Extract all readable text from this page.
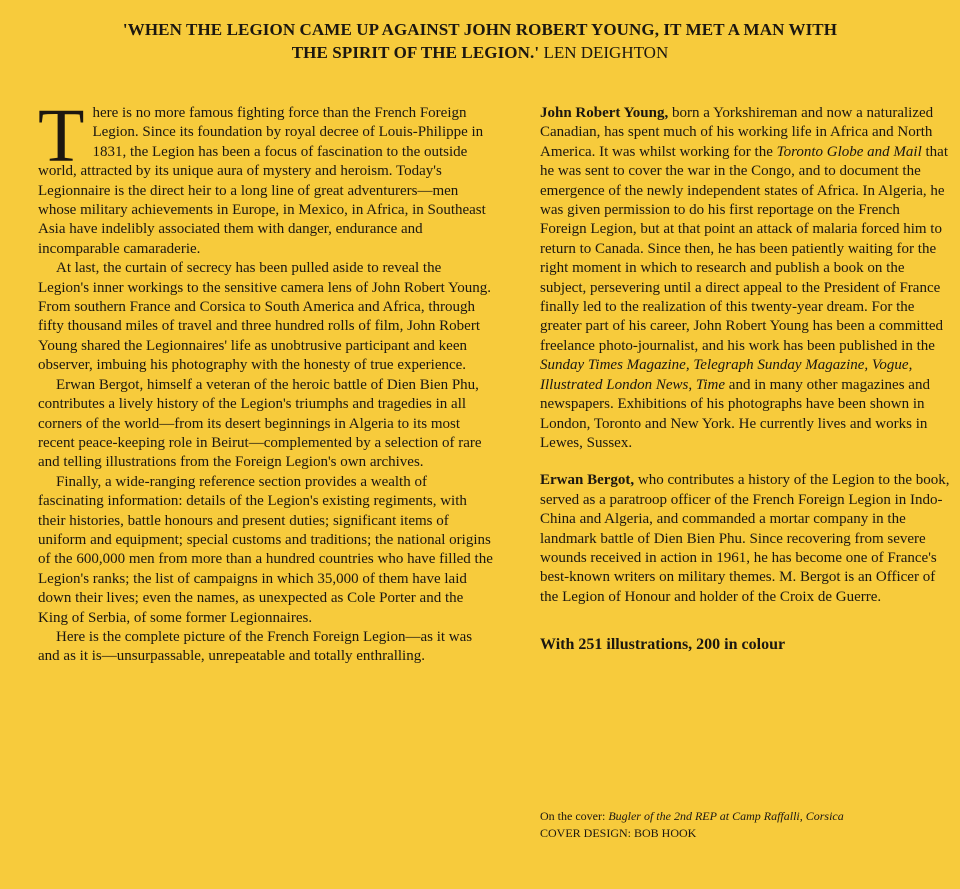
'WHEN THE LEGION CAME UP AGAINST JOHN ROBERT YOUNG, IT MET A MAN WITH
THE SPIRIT OF THE LEGION.' LEN DEIGHTON

There is no more famous fighting force than the French Foreign Legion. Since its foundation by royal decree of Louis-Philippe in 1831, the Legion has been a focus of fascination to the outside world, attracted by its unique aura of mystery and heroism. Today's Legionnaire is the direct heir to a long line of great adventurers—men whose military achievements in Europe, in Mexico, in Africa, in Southeast Asia have indelibly associated them with danger, endurance and incomparable camaraderie.

At last, the curtain of secrecy has been pulled aside to reveal the Legion's inner workings to the sensitive camera lens of John Robert Young. From southern France and Corsica to South America and Africa, through fifty thousand miles of travel and three hundred rolls of film, John Robert Young shared the Legionnaires' life as unobtrusive participant and keen observer, imbuing his photography with the honesty of true experience.

Erwan Bergot, himself a veteran of the heroic battle of Dien Bien Phu, contributes a lively history of the Legion's triumphs and tragedies in all corners of the world—from its desert beginnings in Algeria to its most recent peace-keeping role in Beirut—complemented by a selection of rare and telling illustrations from the Foreign Legion's own archives.

Finally, a wide-ranging reference section provides a wealth of fascinating information: details of the Legion's existing regiments, with their histories, battle honours and present duties; significant items of uniform and equipment; special customs and traditions; the national origins of the 600,000 men from more than a hundred countries who have filled the Legion's ranks; the list of campaigns in which 35,000 of them have laid down their lives; even the names, as unexpected as Cole Porter and the King of Serbia, of some former Legionnaires.

Here is the complete picture of the French Foreign Legion—as it was and as it is—unsurpassable, unrepeatable and totally enthralling.

John Robert Young, born a Yorkshireman and now a naturalized Canadian, has spent much of his working life in Africa and North America. It was whilst working for the Toronto Globe and Mail that he was sent to cover the war in the Congo, and to document the emergence of the newly independent states of Africa. In Algeria, he was given permission to do his first reportage on the French Foreign Legion, but at that point an attack of malaria forced him to return to Canada. Since then, he has been patiently waiting for the right moment in which to research and publish a book on the subject, persevering until a direct appeal to the President of France finally led to the realization of this twenty-year dream. For the greater part of his career, John Robert Young has been a committed freelance photo-journalist, and his work has been published in the Sunday Times Magazine, Telegraph Sunday Magazine, Vogue, Illustrated London News, Time and in many other magazines and newspapers. Exhibitions of his photographs have been shown in London, Toronto and New York. He currently lives and works in Lewes, Sussex.

Erwan Bergot, who contributes a history of the Legion to the book, served as a paratroop officer of the French Foreign Legion in Indo-China and Algeria, and commanded a mortar company in the landmark battle of Dien Bien Phu. Since recovering from severe wounds received in action in 1961, he has become one of France's best-known writers on military themes. M. Bergot is an Officer of the Legion of Honour and holder of the Croix de Guerre.

With 251 illustrations, 200 in colour

On the cover: Bugler of the 2nd REP at Camp Raffalli, Corsica
COVER DESIGN: BOB HOOK
